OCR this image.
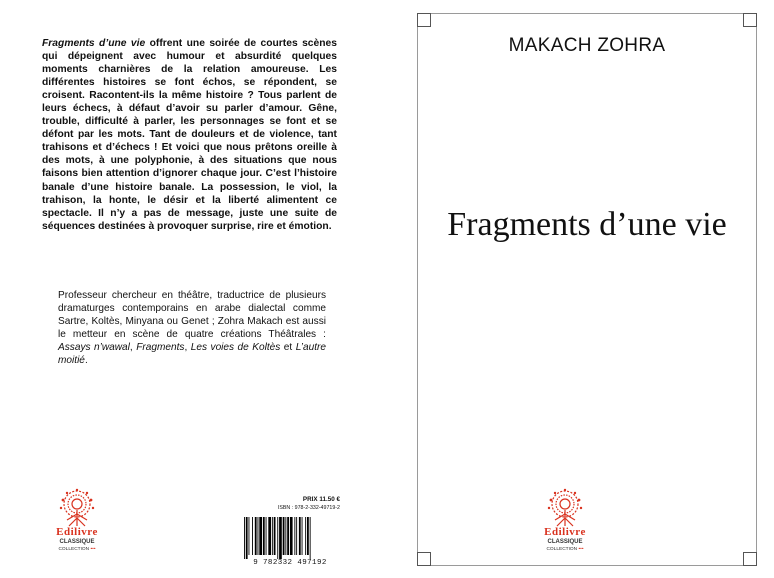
Fragments d’une vie offrent une soirée de courtes scènes qui dépeignent avec humour et absurdité quelques moments charnières de la relation amoureuse. Les différentes histoires se font échos, se répondent, se croisent. Racontent-ils la même histoire ? Tous parlent de leurs échecs, à défaut d’avoir su parler d’amour. Gêne, trouble, difficulté à parler, les personnages se font et se défont par les mots. Tant de douleurs et de violence, tant trahisons et d’échecs ! Et voici que nous prêtons oreille à des mots, à une polyphonie, à des situations que nous faisons bien attention d’ignorer chaque jour. C’est l’histoire banale d’une histoire banale. La possession, le viol, la trahison, la honte, le désir et la liberté alimentent ce spectacle. Il n’y a pas de message, juste une suite de séquences destinées à provoquer surprise, rire et émotion.
Professeur chercheur en théâtre, traductrice de plusieurs dramaturges contemporains en arabe dialectal comme Sartre, Koltès, Minyana ou Genet ; Zohra Makach est aussi le metteur en scène de quatre créations Théâtrales : Assays n’wawal, Fragments, Les voies de Koltès et L’autre moitié.
Edilivre
CLASSIQUE
COLLECTION •••
PRIX 11.50 €
ISBN : 978-2-332-49719-2
9 782332 497192
MAKACH ZOHRA
Fragments d’une vie
Edilivre
CLASSIQUE
COLLECTION •••
